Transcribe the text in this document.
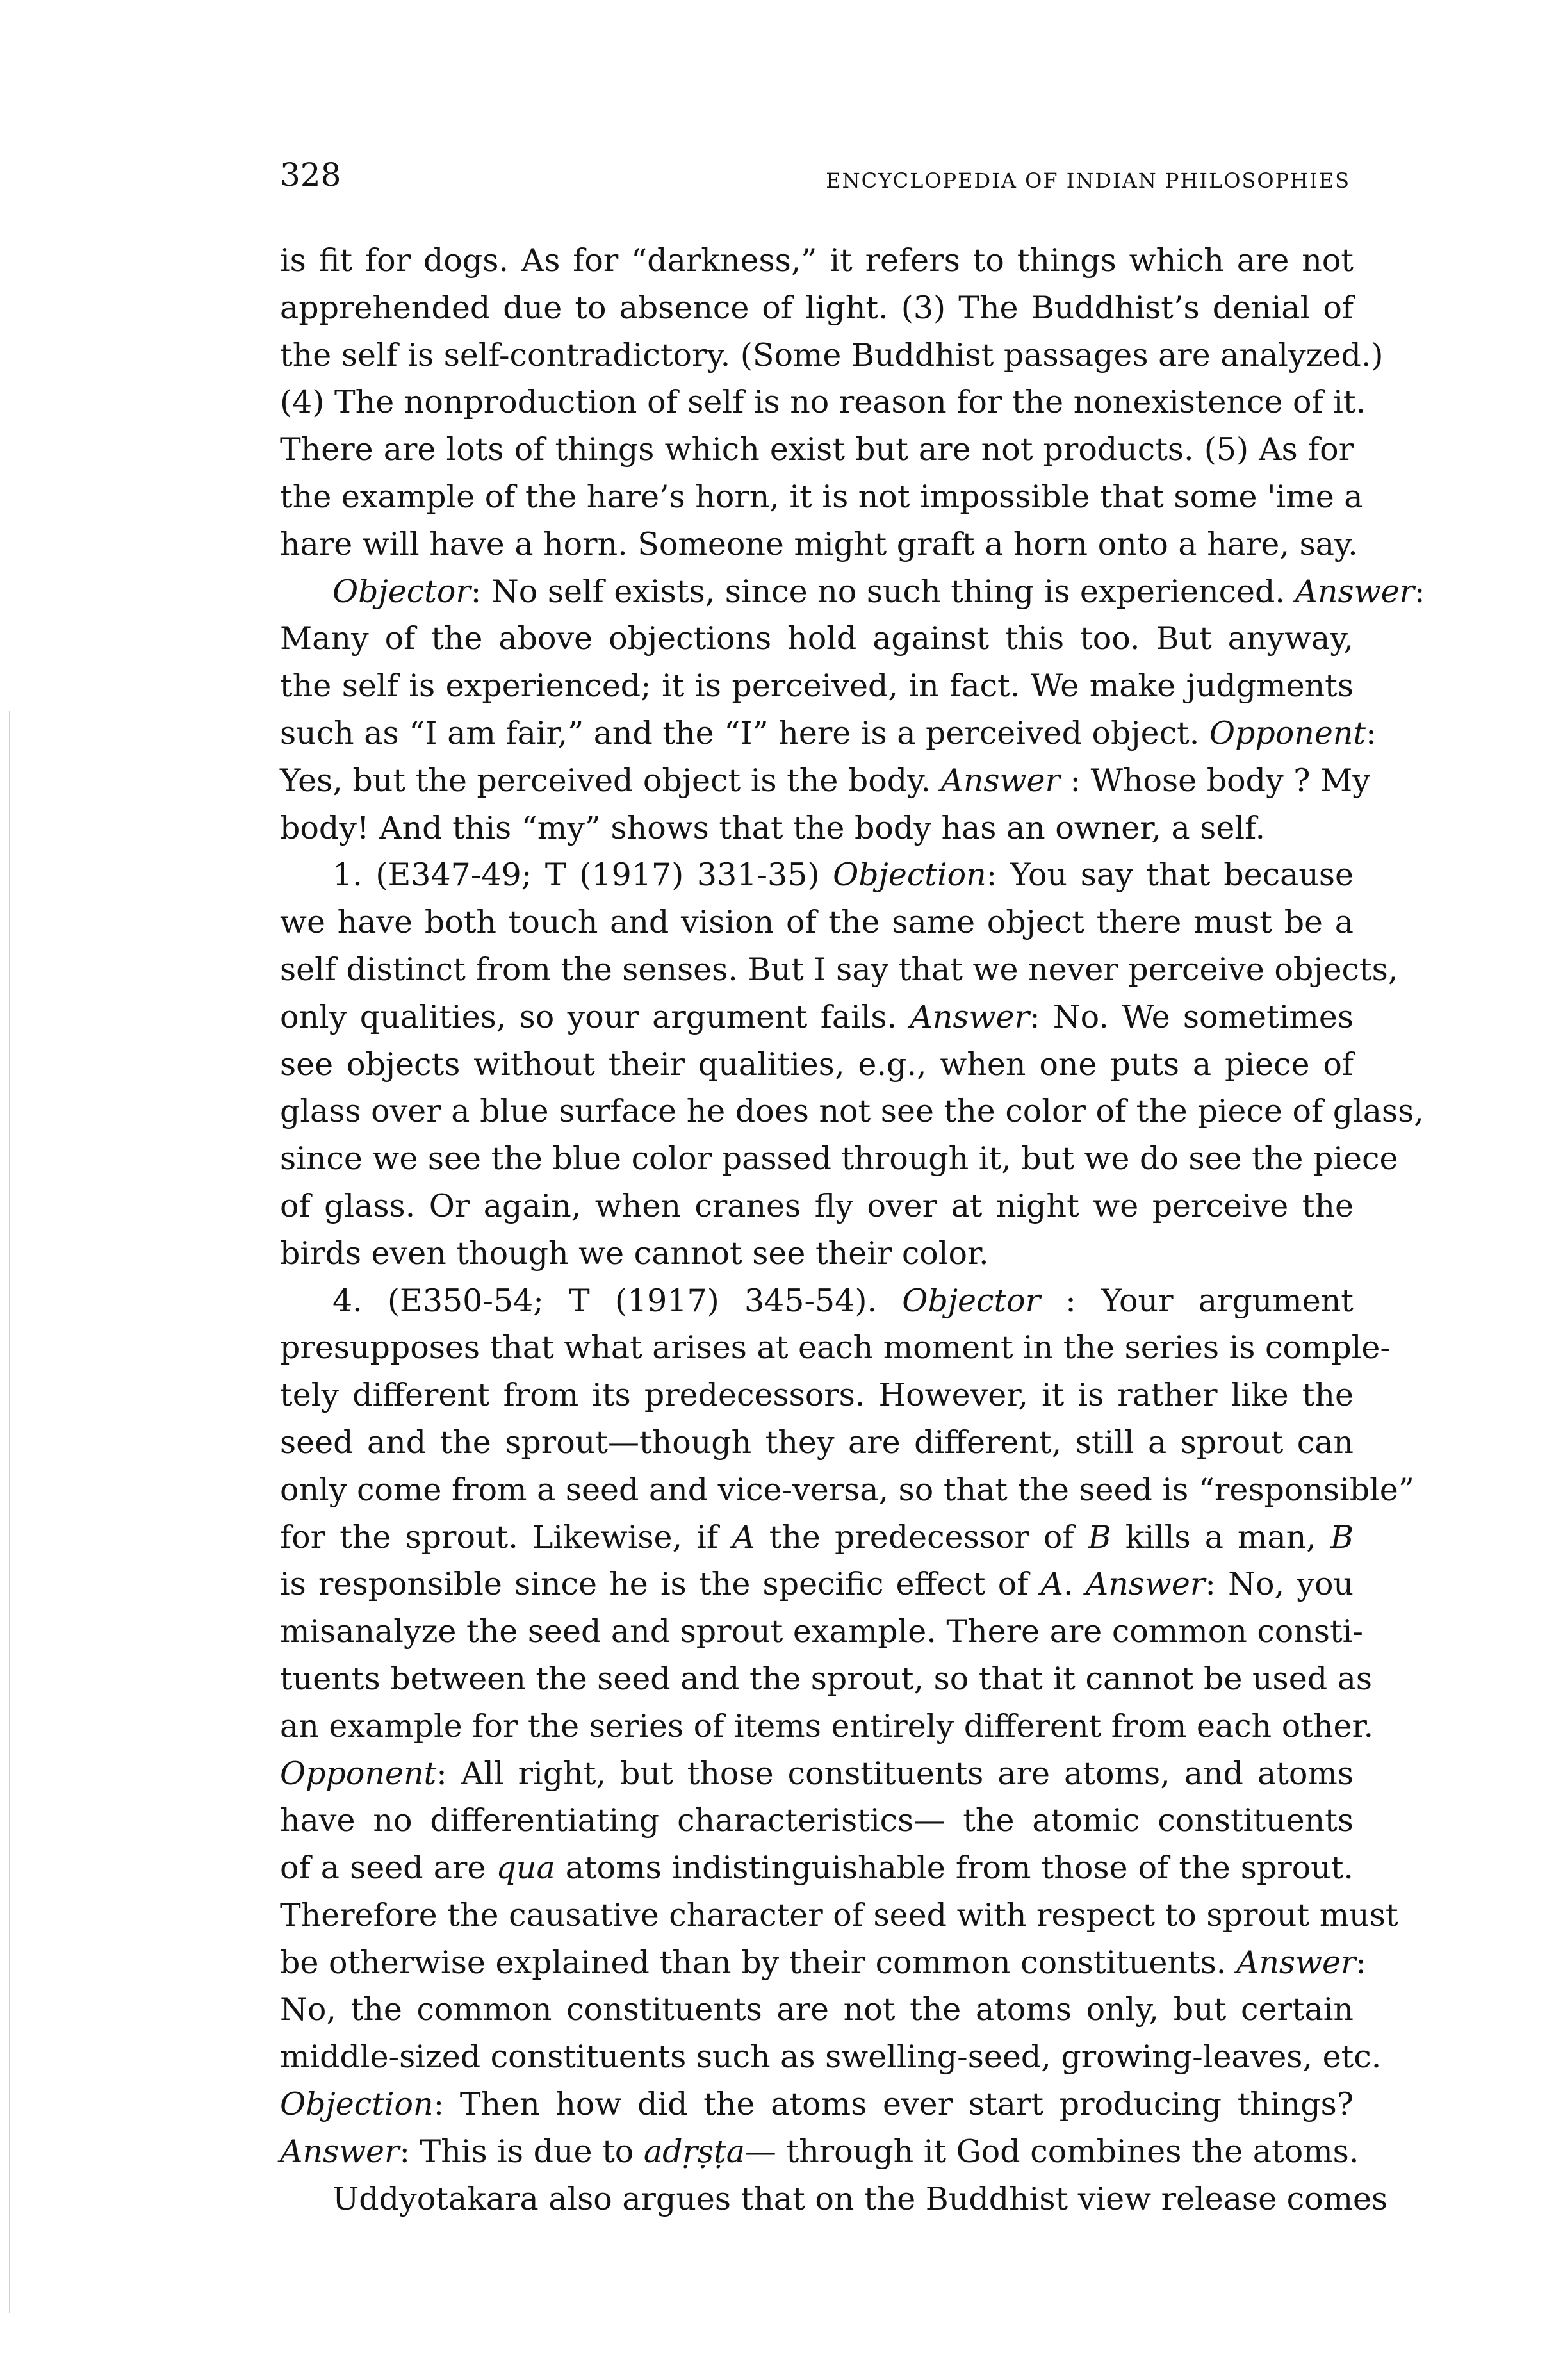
328	ENCYCLOPEDIA OF INDIAN PHILOSOPHIES
is fit for dogs. As for “darkness,” it refers to things which are not
apprehended due to absence of light. (3) The Buddhist’s denial of
the self is self-contradictory. (Some Buddhist passages are analyzed.)
(4) The nonproduction of self is no reason for the nonexistence of it.
There are lots of things which exist but are not products. (5) As for
the example of the hare’s horn, it is not impossible that some 'ime a
hare will have a horn. Someone might graft a horn onto a hare, say.
Objector: No self exists, since no such thing is experienced. Answer:
Many of the above objections hold against this too. But anyway,
the self is experienced; it is perceived, in fact. We make judgments
such as “I am fair,” and the “I” here is a perceived object. Opponent:
Yes, but the perceived object is the body. Answer : Whose body ? My
body! And this “my” shows that the body has an owner, a self.
1. (E347-49; T (1917) 331-35) Objection: You say that because
we have both touch and vision of the same object there must be a
self distinct from the senses. But I say that we never perceive objects,
only qualities, so your argument fails. Answer: No. We sometimes
see objects without their qualities, e.g., when one puts a piece of
glass over a blue surface he does not see the color of the piece of glass,
since we see the blue color passed through it, but we do see the piece
of glass. Or again, when cranes fly over at night we perceive the
birds even though we cannot see their color.
4. (E350-54; T (1917) 345-54). Objector : Your argument
presupposes that what arises at each moment in the series is comple-
tely different from its predecessors. However, it is rather like the
seed and the sprout—though they are different, still a sprout can
only come from a seed and vice-versa, so that the seed is “responsible”
for the sprout. Likewise, if A the predecessor of B kills a man, B
is responsible since he is the specific effect of A. Answer: No, you
misanalyze the seed and sprout example. There are common consti-
tuents between the seed and the sprout, so that it cannot be used as
an example for the series of items entirely different from each other.
Opponent: All right, but those constituents are atoms, and atoms
have no differentiating characteristics— the atomic constituents
of a seed are qua atoms indistinguishable from those of the sprout.
Therefore the causative character of seed with respect to sprout must
be otherwise explained than by their common constituents. Answer:
No, the common constituents are not the atoms only, but certain
middle-sized constituents such as swelling-seed, growing-leaves, etc.
Objection: Then how did the atoms ever start producing things?
Answer: This is due to adṛṣṭa— through it God combines the atoms.
Uddyotakara also argues that on the Buddhist view release comes
